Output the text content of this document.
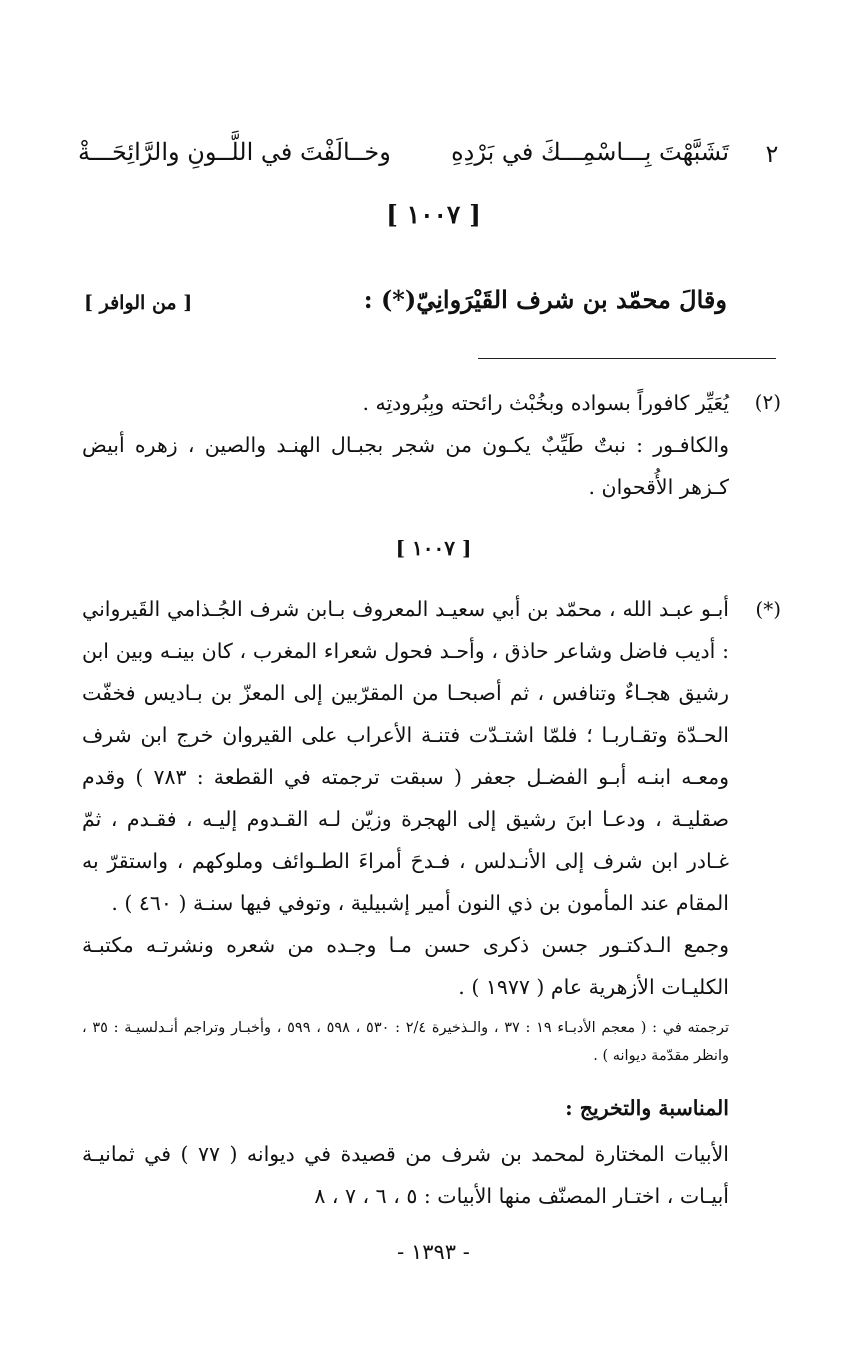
٢
تَشَبَّهْتَ بِـــاسْمِـــكَ في بَرْدِهِ
وخــالَفْتَ في اللَّــونِ والرَّائِحَـــةْ
[ ١٠٠٧ ]
وقالَ محمّد بن شرف القَيْرَوانِيّ(*) :
[ من الوافر ]
(٢)

يُعَيِّر كافوراً بسواده وبخُبْث رائحته وبِبُرودتِه .

والكافـور : نبتٌ طَيِّبٌ يكـون من شجر بجبـال الهنـد والصين ، زهره أبيض كـزهر الأُقحوان .

[ ١٠٠٧ ]
(*)

أبـو عبـد الله ، محمّد بن أبي سعيـد المعروف بـابن شرف الجُـذامي القَيرواني : أديب فاضل وشاعر حاذق ، وأحـد فحول شعراء المغرب ، كان بينـه وبين ابن رشيق هجـاءٌ وتنافس ، ثم أصبحـا من المقرّبين إلى المعزّ بن بـاديس فخفّت الحـدّة وتقـاربـا ؛ فلمّا اشتـدّت فتنـة الأعراب على القيروان خرج ابن شرف ومعـه ابنـه أبـو الفضـل جعفر ( سبقت ترجمته في القطعة : ٧٨٣ ) وقدم صقليـة ، ودعـا ابنَ رشيق إلى الهجرة وزيّن لـه القـدوم إليـه ، فقـدم ، ثمّ غـادر ابن شرف إلى الأنـدلس ، فـدحَ أمراءَ الطـوائف وملوكهم ، واستقرّ به المقام عند المأمون بن ذي النون أمير إشبيلية ، وتوفي فيها سنـة ( ٤٦٠ ) .

وجمع الـدكتـور جسن ذكرى حسن مـا وجـده من شعره ونشرتـه مكتبـة الكليـات الأزهرية عام ( ١٩٧٧ ) .

ترجمته في : ( معجم الأدبـاء ١٩ : ٣٧ ، والـذخيرة ٢/٤ : ٥٣٠ ، ٥٩٨ ، ٥٩٩ ، وأخبـار وتراجم أنـدلسيـة : ٣٥ ، وانظر مقدّمة ديوانه ) .
المناسبة والتخريج :
الأبيات المختارة لمحمد بن شرف من قصيدة في ديوانه ( ٧٧ ) في ثمانيـة أبيـات ، اختـار المصنّف منها الأبيات : ٥ ، ٦ ، ٧ ، ٨
- ١٣٩٣ -
